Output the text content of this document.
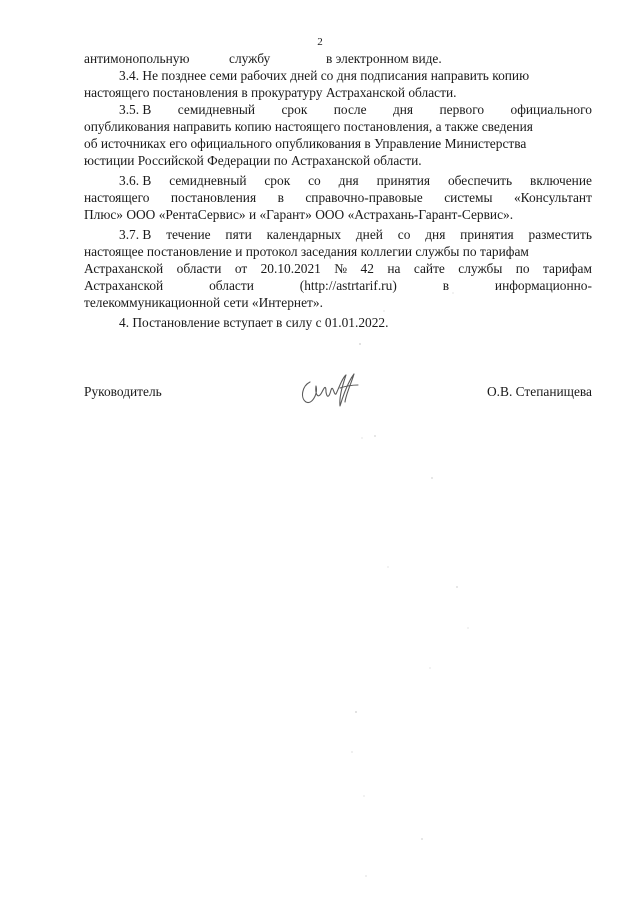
2
антимонопольную	службу	в электронном виде.
3.4. Не позднее семи рабочих дней со дня подписания направить копию
настоящего постановления в прокуратуру Астраханской области.
3.5. В семидневный срок после дня первого официального
опубликования направить копию настоящего постановления, а также сведения
об источниках его официального опубликования в Управление Министерства
юстиции Российской Федерации по Астраханской области.
3.6. В семидневный срок со дня принятия обеспечить включение
настоящего постановления в справочно-правовые системы «Консультант
Плюс» ООО «РентаСервис» и «Гарант» ООО «Астрахань-Гарант-Сервис».
3.7. В течение пяти календарных дней со дня принятия разместить
настоящее постановление и протокол заседания коллегии службы по тарифам
Астраханской области от 20.10.2021 № 42 на сайте службы по тарифам
Астраханской	области	(http://astrtarif.ru)	в	информационно-
телекоммуникационной сети «Интернет».
4. Постановление вступает в силу с 01.01.2022.
Руководитель	О.В. Степанищева
